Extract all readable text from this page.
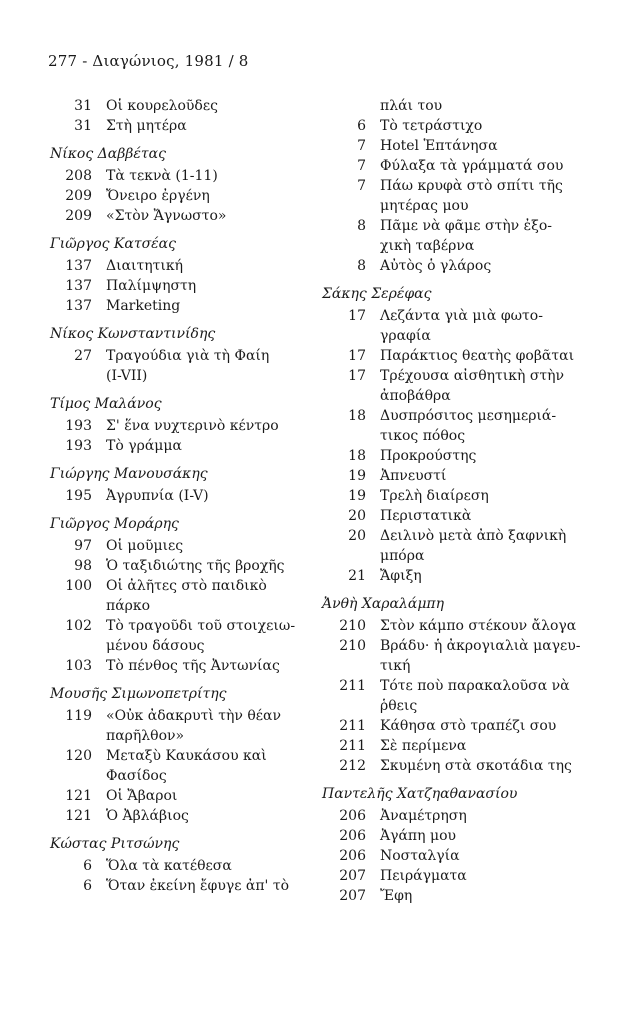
277 - Διαγώνιος, 1981 / 8
31	Οἱ κουρελοῦδες
31	Στὴ μητέρα
Νίκος Δαββέτας
208	Τὰ τεκνὰ (1-11)
209	Ὄνειρο ἐργένη
209	«Στὸν Ἄγνωστο»
Γιῶργος Κατσέας
137	Διαιτητική
137	Παλίμψηστη
137	Marketing
Νίκος Κωνσταντινίδης
27	Τραγούδια γιὰ τὴ Φαίη
(I-VII)
Τίμος Μαλάνος
193	Σ' ἕνα νυχτερινὸ κέντρο
193	Τὸ γράμμα
Γιώργης Μανουσάκης
195	Ἀγρυπνία (I-V)
Γιῶργος Μοράρης
97	Οἱ μοῦμιες
98	Ὁ ταξιδιώτης τῆς βροχῆς
100	Οἱ ἀλῆτες στὸ παιδικὸ
πάρκο
102	Τὸ τραγοῦδι τοῦ στοιχειω-
μένου δάσους
103	Τὸ πένθος τῆς Ἀντωνίας
Μουσῆς Σιμωνοπετρίτης
119	«Οὐκ ἀδακρυτὶ τὴν θέαν
παρῆλθον»
120	Μεταξὺ Καυκάσου καὶ
Φασίδος
121	Οἱ Ἄβαροι
121	Ὁ Ἀβλάβιος
Κώστας Ριτσώνης
6	Ὅλα τὰ κατέθεσα
6	Ὅταν ἐκείνη ἔφυγε ἀπ' τὸ
πλάι του
6	Τὸ τετράστιχο
7	Hotel Ἑπτάνησα
7	Φύλαξα τὰ γράμματά σου
7	Πάω κρυφὰ στὸ σπίτι τῆς
μητέρας μου
8	Πᾶμε νὰ φᾶμε στὴν ἐξο-
χικὴ ταβέρνα
8	Αὐτὸς ὁ γλάρος
Σάκης Σερέφας
17	Λεζάντα γιὰ μιὰ φωτο-
γραφία
17	Παράκτιος θεατὴς φοβᾶται
17	Τρέχουσα αἰσθητικὴ στὴν
ἀποβάθρα
18	Δυσπρόσιτος μεσημεριά-
τικος πόθος
18	Προκρούστης
19	Ἀπνευστί
19	Τρελὴ διαίρεση
20	Περιστατικὰ
20	Δειλινὸ μετὰ ἀπὸ ξαφνικὴ
μπόρα
21	Ἄφιξη
Ἀνθὴ Χαραλάμπη
210	Στὸν κάμπο στέκουν ἄλογα
210	Βράδυ· ἡ ἀκρογιαλιὰ μαγευ-
τική
211	Τότε ποὺ παρακαλοῦσα νὰ
ῥθεις
211	Κάθησα στὸ τραπέζι σου
211	Σὲ περίμενα
212	Σκυμένη στὰ σκοτάδια της
Παντελῆς Χατζηαθανασίου
206	Ἀναμέτρηση
206	Ἀγάπη μου
206	Νοσταλγία
207	Πειράγματα
207	Ἔφη
